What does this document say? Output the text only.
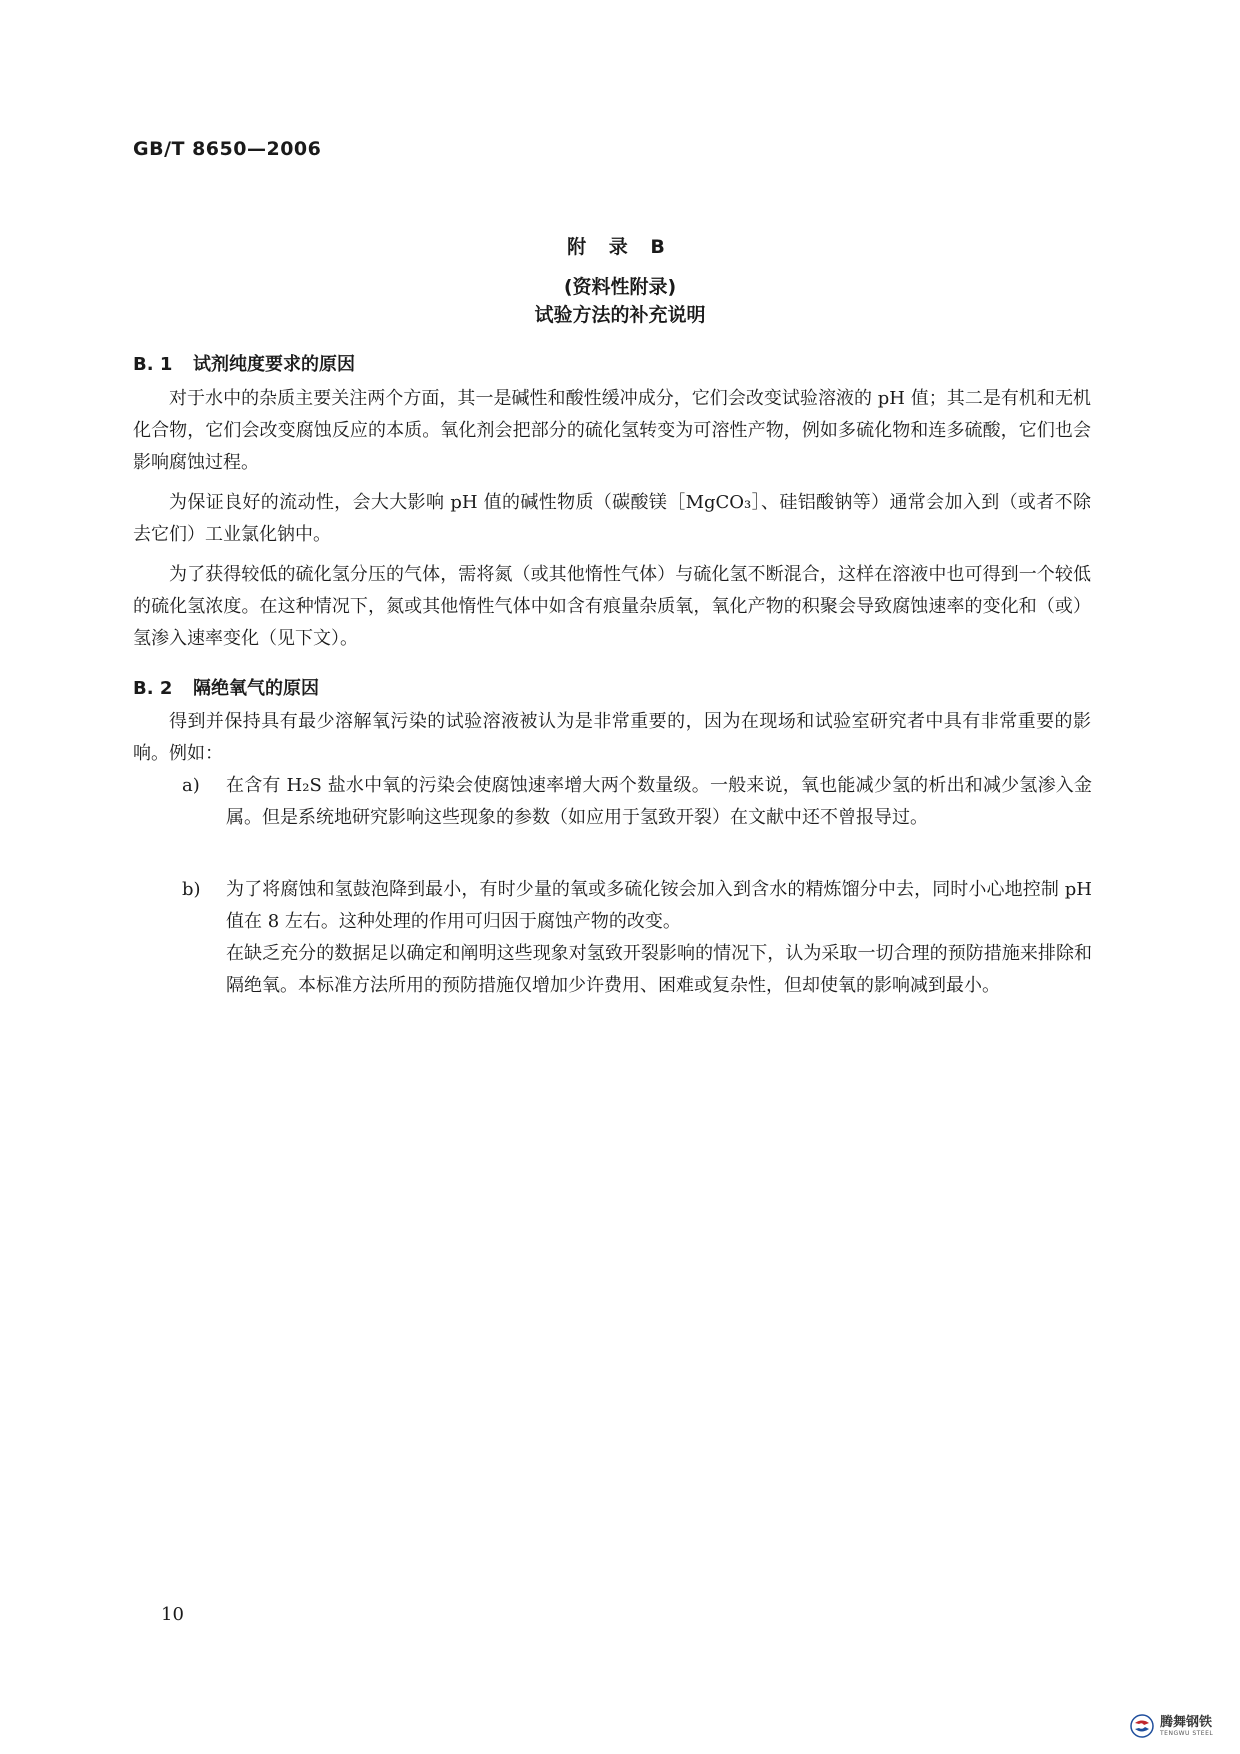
GB/T 8650—2006
附 录 B
(资料性附录)
试验方法的补充说明
B. 1 试剂纯度要求的原因

对于水中的杂质主要关注两个方面，其一是碱性和酸性缓冲成分，它们会改变试验溶液的 pH 值；其二是有机和无机化合物，它们会改变腐蚀反应的本质。氧化剂会把部分的硫化氢转变为可溶性产物，例如多硫化物和连多硫酸，它们也会影响腐蚀过程。

为保证良好的流动性，会大大影响 pH 值的碱性物质（碳酸镁［MgCO₃］、硅铝酸钠等）通常会加入到（或者不除去它们）工业氯化钠中。

为了获得较低的硫化氢分压的气体，需将氮（或其他惰性气体）与硫化氢不断混合，这样在溶液中也可得到一个较低的硫化氢浓度。在这种情况下，氮或其他惰性气体中如含有痕量杂质氧，氧化产物的积聚会导致腐蚀速率的变化和（或）氢渗入速率变化（见下文）。

B. 2 隔绝氧气的原因

得到并保持具有最少溶解氧污染的试验溶液被认为是非常重要的，因为在现场和试验室研究者中具有非常重要的影响。例如：

a) 在含有 H₂S 盐水中氧的污染会使腐蚀速率增大两个数量级。一般来说，氧也能减少氢的析出和减少氢渗入金属。但是系统地研究影响这些现象的参数（如应用于氢致开裂）在文献中还不曾报导过。
b) 为了将腐蚀和氢鼓泡降到最小，有时少量的氧或多硫化铵会加入到含水的精炼馏分中去，同时小心地控制 pH 值在 8 左右。这种处理的作用可归因于腐蚀产物的改变。

在缺乏充分的数据足以确定和阐明这些现象对氢致开裂影响的情况下，认为采取一切合理的预防措施来排除和隔绝氧。本标准方法所用的预防措施仅增加少许费用、困难或复杂性，但却使氧的影响减到最小。

10
腾舞钢铁
TENGWU STEEL
